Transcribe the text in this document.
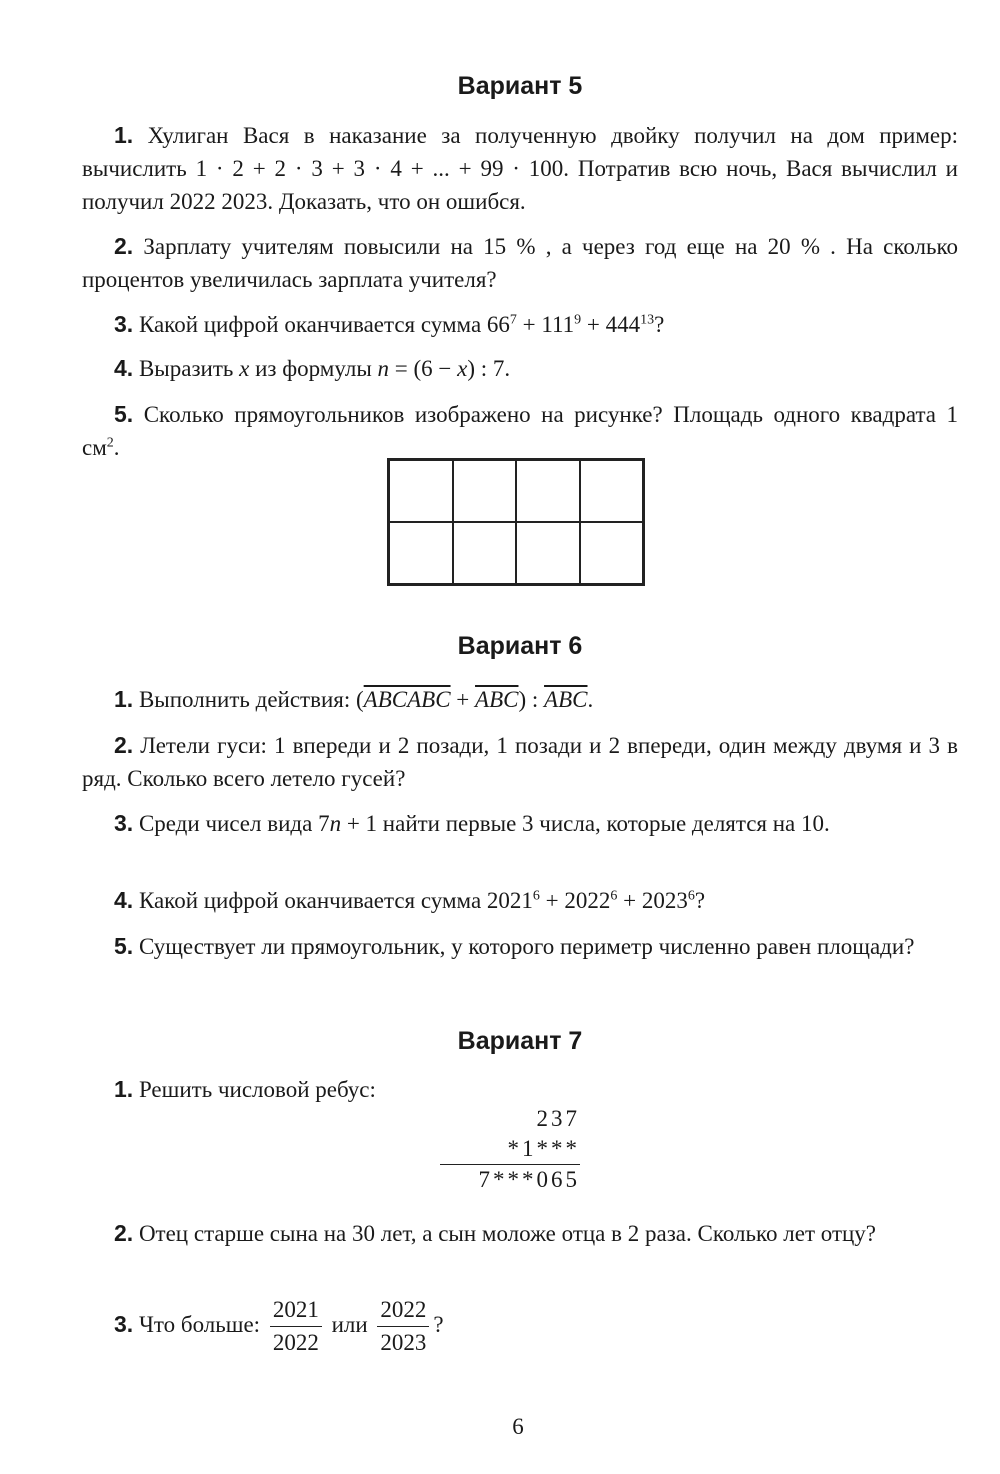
Вариант 5
1. Хулиган Вася в наказание за полученную двойку получил на дом пример: вычислить 1 · 2 + 2 · 3 + 3 · 4 + ... + 99 · 100. Потратив всю ночь, Вася вычислил и получил 2022 2023. Доказать, что он ошибся.
2. Зарплату учителям повысили на 15 % , а через год еще на 20 % . На сколько процентов увеличилась зарплата учителя?
3. Какой цифрой оканчивается сумма $66^7 + 111^9 + 444^{13}$?
4. Выразить x из формулы n = (6 − x) : 7.
5. Сколько прямоугольников изображено на рисунке? Площадь одного квадрата 1 $см^2$.
Вариант 6
1. Выполнить действия: (ABCABC + $\overline{ABC}$) : $\overline{ABC}$.
2. Летели гуси: 1 впереди и 2 позади, 1 позади и 2 впереди, один между двумя и 3 в ряд. Сколько всего летело гусей?
3. Среди чисел вида 7n + 1 найти первые 3 числа, которые делятся на 10.
4. Какой цифрой оканчивается сумма $2021^6 + 2022^6 + 2023^6$?
5. Существует ли прямоугольник, у которого периметр численно равен площади?
Вариант 7
1. Решить числовой ребус:
237
*1***
7***065
2. Отец старше сына на 30 лет, а сын моложе отца в 2 раза. Сколько лет отцу?
3. Что больше: $\frac{2021}{2022}$ или $\frac{2022}{2023}$ ?
6
